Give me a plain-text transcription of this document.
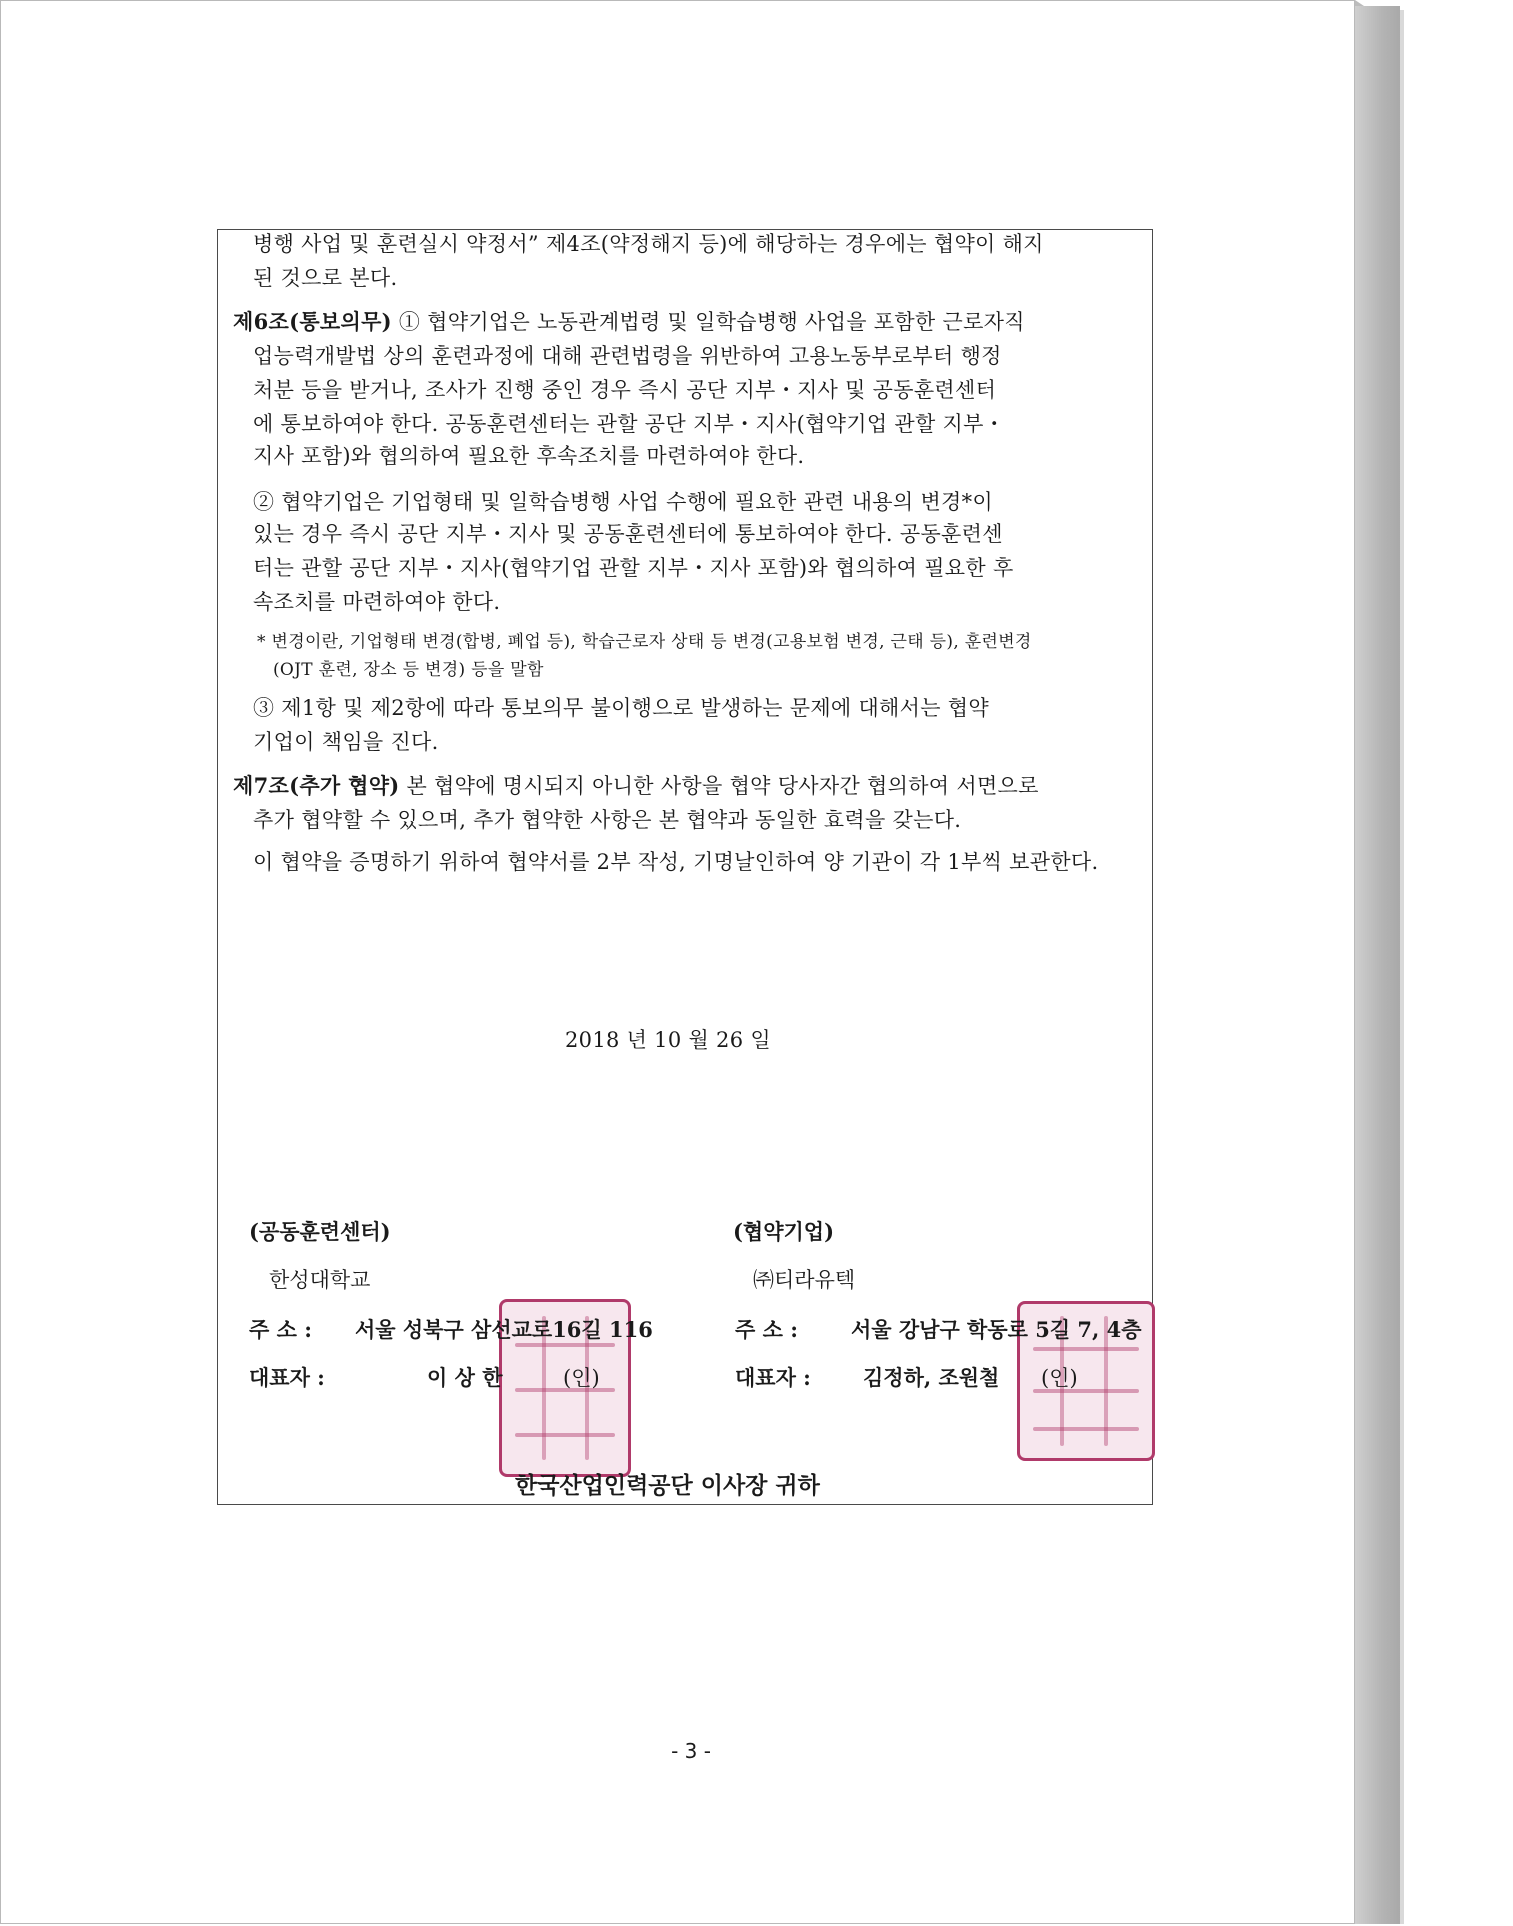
병행 사업 및 훈련실시 약정서” 제4조(약정해지 등)에 해당하는 경우에는 협약이 해지
된 것으로 본다.
제6조(통보의무) ① 협약기업은 노동관계법령 및 일학습병행 사업을 포함한 근로자직
업능력개발법 상의 훈련과정에 대해 관련법령을 위반하여 고용노동부로부터 행정
처분 등을 받거나, 조사가 진행 중인 경우 즉시 공단 지부・지사 및 공동훈련센터
에 통보하여야 한다. 공동훈련센터는 관할 공단 지부・지사(협약기업 관할 지부・
지사 포함)와 협의하여 필요한 후속조치를 마련하여야 한다.
② 협약기업은 기업형태 및 일학습병행 사업 수행에 필요한 관련 내용의 변경*이
있는 경우 즉시 공단 지부・지사 및 공동훈련센터에 통보하여야 한다. 공동훈련센
터는 관할 공단 지부・지사(협약기업 관할 지부・지사 포함)와 협의하여 필요한 후
속조치를 마련하여야 한다.
* 변경이란, 기업형태 변경(합병, 폐업 등), 학습근로자 상태 등 변경(고용보험 변경, 근태 등), 훈련변경
(OJT 훈련, 장소 등 변경) 등을 말함
③ 제1항 및 제2항에 따라 통보의무 불이행으로 발생하는 문제에 대해서는 협약
기업이 책임을 진다.
제7조(추가 협약) 본 협약에 명시되지 아니한 사항을 협약 당사자간 협의하여 서면으로
추가 협약할 수 있으며, 추가 협약한 사항은 본 협약과 동일한 효력을 갖는다.
이 협약을 증명하기 위하여 협약서를 2부 작성, 기명날인하여 양 기관이 각 1부씩 보관한다.
2018 년 10 월 26 일
(공동훈련센터)
한성대학교
주 소 : 서울 성북구 삼선교로16길 116
대표자 :	이 상 한	(인)
(협약기업)
㈜티라유텍
주 소 :	서울 강남구 학동로 5길 7, 4층
대표자 : 김정하, 조원철 (인)
한국산업인력공단 이사장 귀하
- 3 -
